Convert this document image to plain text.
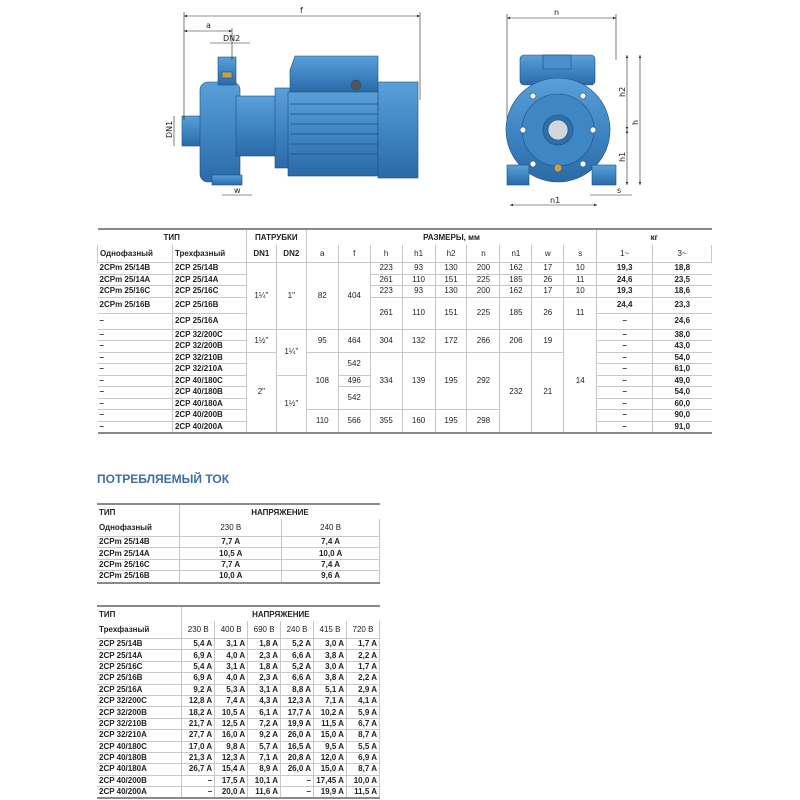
f
a
DN2
DN1
w
n
h2
h
h1
n1
s
ТИП		ПАТРУБКИ		РАЗМЕРЫ, мм									кг	
Однофазный	Трехфазный	DN1	DN2	a	f	h	h1	h2	n	n1	w	s	1~	3~
2CPm 25/14B	2CP 25/14B	1¼"	1"	82	404	223	93	130	200	162	17	10	19,3	18,8
2CPm 25/14A	2CP 25/14A					261	110	151	225	185	26	11	24,6	23,5
2CPm 25/16C	2CP 25/16C					223	93	130	200	162	17	10	19,3	18,6
2CPm 25/16B	2CP 25/16B					261	110	151	225	185	26	11	24,4	23,3
–	2CP 25/16A												–	24,6
–	2CP 32/200C	1½"	1¼"	95	464	304	132	172	266	206	19	14	–	38,0
–	2CP 32/200B												–	43,0
–	2CP 32/210B	2"		108	542	334	139	195	292	232	21		–	54,0
–	2CP 32/210A												–	61,0
–	2CP 40/180C		1½"		496								–	49,0
–	2CP 40/180B				542								–	54,0
–	2CP 40/180A												–	60,0
–	2CP 40/200B			110	566	355	160	195	298				–	90,0
–	2CP 40/200A												–	91,0
ПОТРЕБЛЯЕМЫЙ ТОК
ТИП	НАПРЯЖЕНИЕ	
Однофазный	230 В	240 В
2CPm 25/14B	7,7 A	7,4 A
2CPm 25/14A	10,5 A	10,0 A
2CPm 25/16C	7,7 A	7,4 A
2CPm 25/16B	10,0 A	9,6 A
ТИП	НАПРЯЖЕНИЕ					
Трехфазный	230 В	400 В	690 В	240 В	415 В	720 В
2CP 25/14B	5,4 A	3,1 A	1,8 A	5,2 A	3,0 A	1,7 A
2CP 25/14A	6,9 A	4,0 A	2,3 A	6,6 A	3,8 A	2,2 A
2CP 25/16C	5,4 A	3,1 A	1,8 A	5,2 A	3,0 A	1,7 A
2CP 25/16B	6,9 A	4,0 A	2,3 A	6,6 A	3,8 A	2,2 A
2CP 25/16A	9,2 A	5,3 A	3,1 A	8,8 A	5,1 A	2,9 A
2CP 32/200C	12,8 A	7,4 A	4,3 A	12,3 A	7,1 A	4,1 A
2CP 32/200B	18,2 A	10,5 A	6,1 A	17,7 A	10,2 A	5,9 A
2CP 32/210B	21,7 A	12,5 A	7,2 A	19,9 A	11,5 A	6,7 A
2CP 32/210A	27,7 A	16,0 A	9,2 A	26,0 A	15,0 A	8,7 A
2CP 40/180C	17,0 A	9,8 A	5,7 A	16,5 A	9,5 A	5,5 A
2CP 40/180B	21,3 A	12,3 A	7,1 A	20,8 A	12,0 A	6,9 A
2CP 40/180A	26,7 A	15,4 A	8,9 A	26,0 A	15,0 A	8,7 A
2CP 40/200B	–	17,5 A	10,1 A	–	17,45 A	10,0 A
2CP 40/200A	–	20,0 A	11,6 A	–	19,9 A	11,5 A
